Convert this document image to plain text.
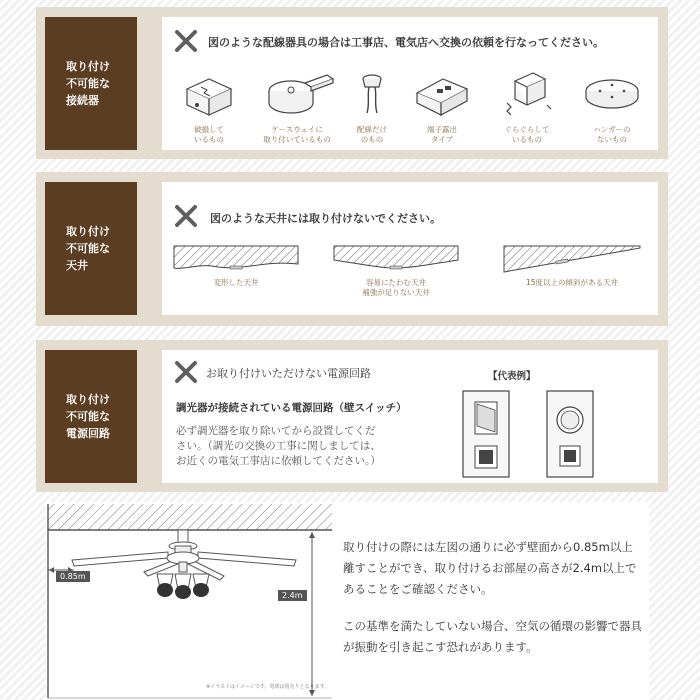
取り付け
不可能な
接続器
図のような配線器具の場合は工事店、電気店へ交換の依頼を行なってください。
破損して
いるもの
ケースウェイに
取り付いているもの
配線だけ
のもの
端子露出
タイプ
ぐらぐらして
いるもの
ハンガーの
ないもの
取り付け
不可能な
天井
図のような天井には取り付けないでください。
変形した天井	容易にたわむ天井
補強が足りない天井
15度以上の傾斜がある天井
取り付け
不可能な
電源回路
お取り付けいただけない電源回路
調光器が接続されている電源回路（壁スイッチ）
必ず調光器を取り除いてから設置してくだ
さい。（調光の交換の工事に関しましては、
お近くの電気工事店に依頼してください。）
【代表例】
0.85m
2.4m
※イラストはイメージです。電球は別売りとなります。

取り付けの際には左図の通りに必ず壁面から0.85m以上離すことができ、取り付けるお部屋の高さが2.4m以上であることをご確認ください。

この基準を満たしていない場合、空気の循環の影響で器具が振動を引き起こす恐れがあります。
